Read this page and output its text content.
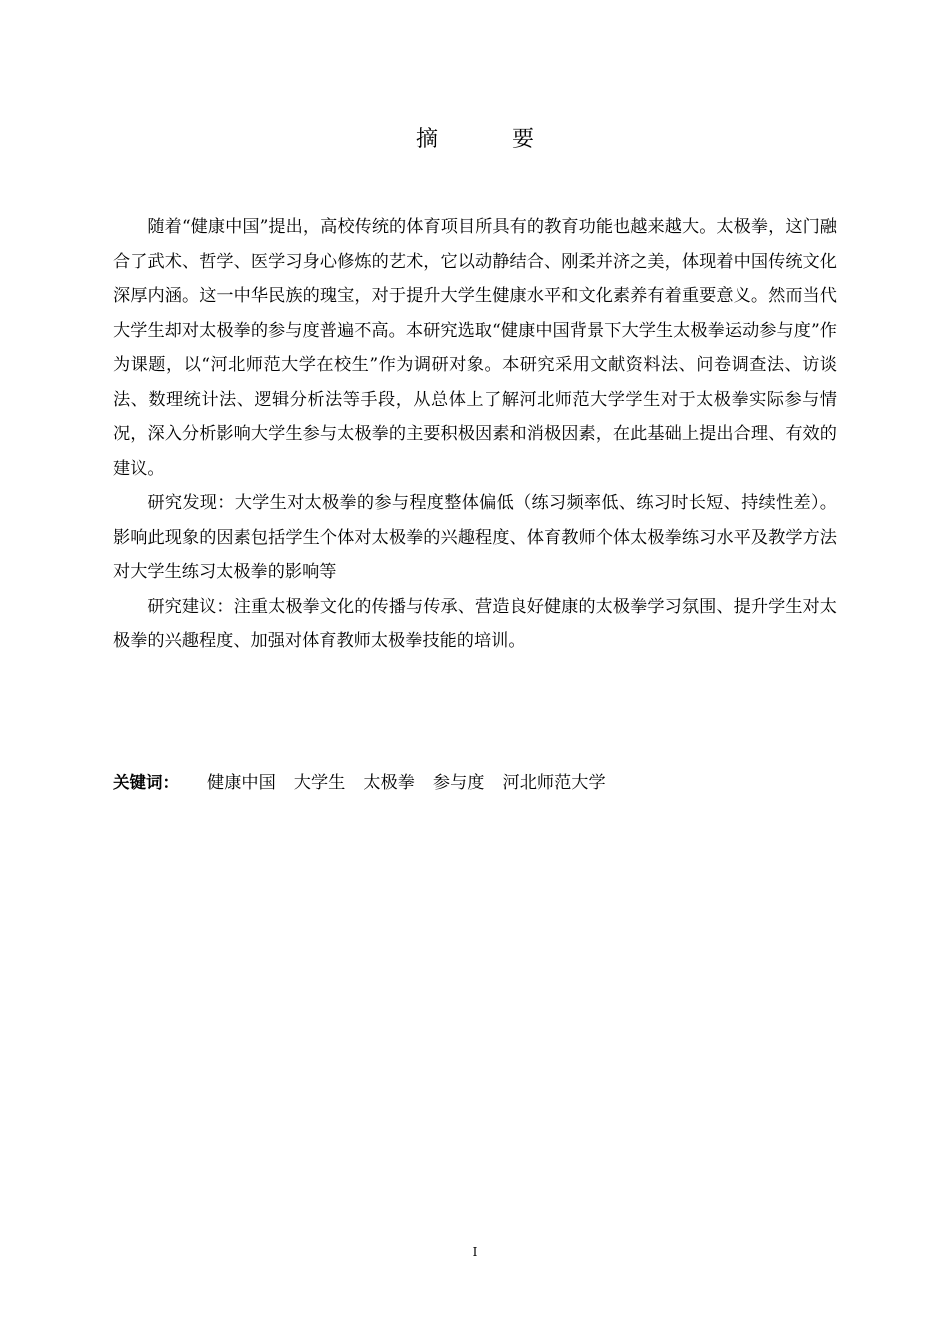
摘　要

随着“健康中国”提出，高校传统的体育项目所具有的教育功能也越来越大。太极拳，这门融合了武术、哲学、医学习身心修炼的艺术，它以动静结合、刚柔并济之美，体现着中国传统文化深厚内涵。这一中华民族的瑰宝，对于提升大学生健康水平和文化素养有着重要意义。然而当代大学生却对太极拳的参与度普遍不高。本研究选取“健康中国背景下大学生太极拳运动参与度”作为课题，以“河北师范大学在校生”作为调研对象。本研究采用文献资料法、问卷调查法、访谈法、数理统计法、逻辑分析法等手段，从总体上了解河北师范大学学生对于太极拳实际参与情况，深入分析影响大学生参与太极拳的主要积极因素和消极因素，在此基础上提出合理、有效的建议。

研究发现：大学生对太极拳的参与程度整体偏低（练习频率低、练习时长短、持续性差）。影响此现象的因素包括学生个体对太极拳的兴趣程度、体育教师个体太极拳练习水平及教学方法对大学生练习太极拳的影响等

研究建议：注重太极拳文化的传播与传承、营造良好健康的太极拳学习氛围、提升学生对太极拳的兴趣程度、加强对体育教师太极拳技能的培训。

关键词： 健康中国 大学生 太极拳 参与度 河北师范大学
I
